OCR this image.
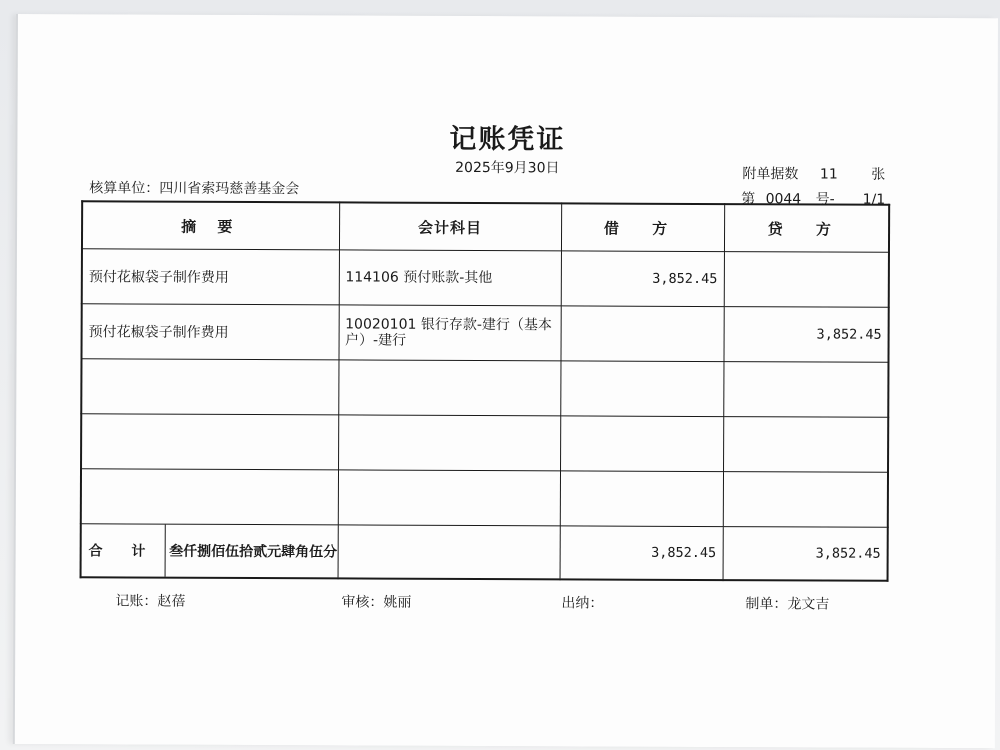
记账凭证
2025年9月30日
核算单位：四川省索玛慈善基金会
附单据数 11 张
第 0044 号- 1/1
摘 要	会计科目	借 方	贷 方
预付花椒袋子制作费用	114106 预付账款-其他	3,852.45	
预付花椒袋子制作费用	10020101 银行存款-建行（基本户）-建行		3,852.45

合 计 叁仟捌佰伍拾贰元肆角伍分		3,852.45	3,852.45
记账：赵蓓	审核：姚丽	出纳：	制单：龙文吉
